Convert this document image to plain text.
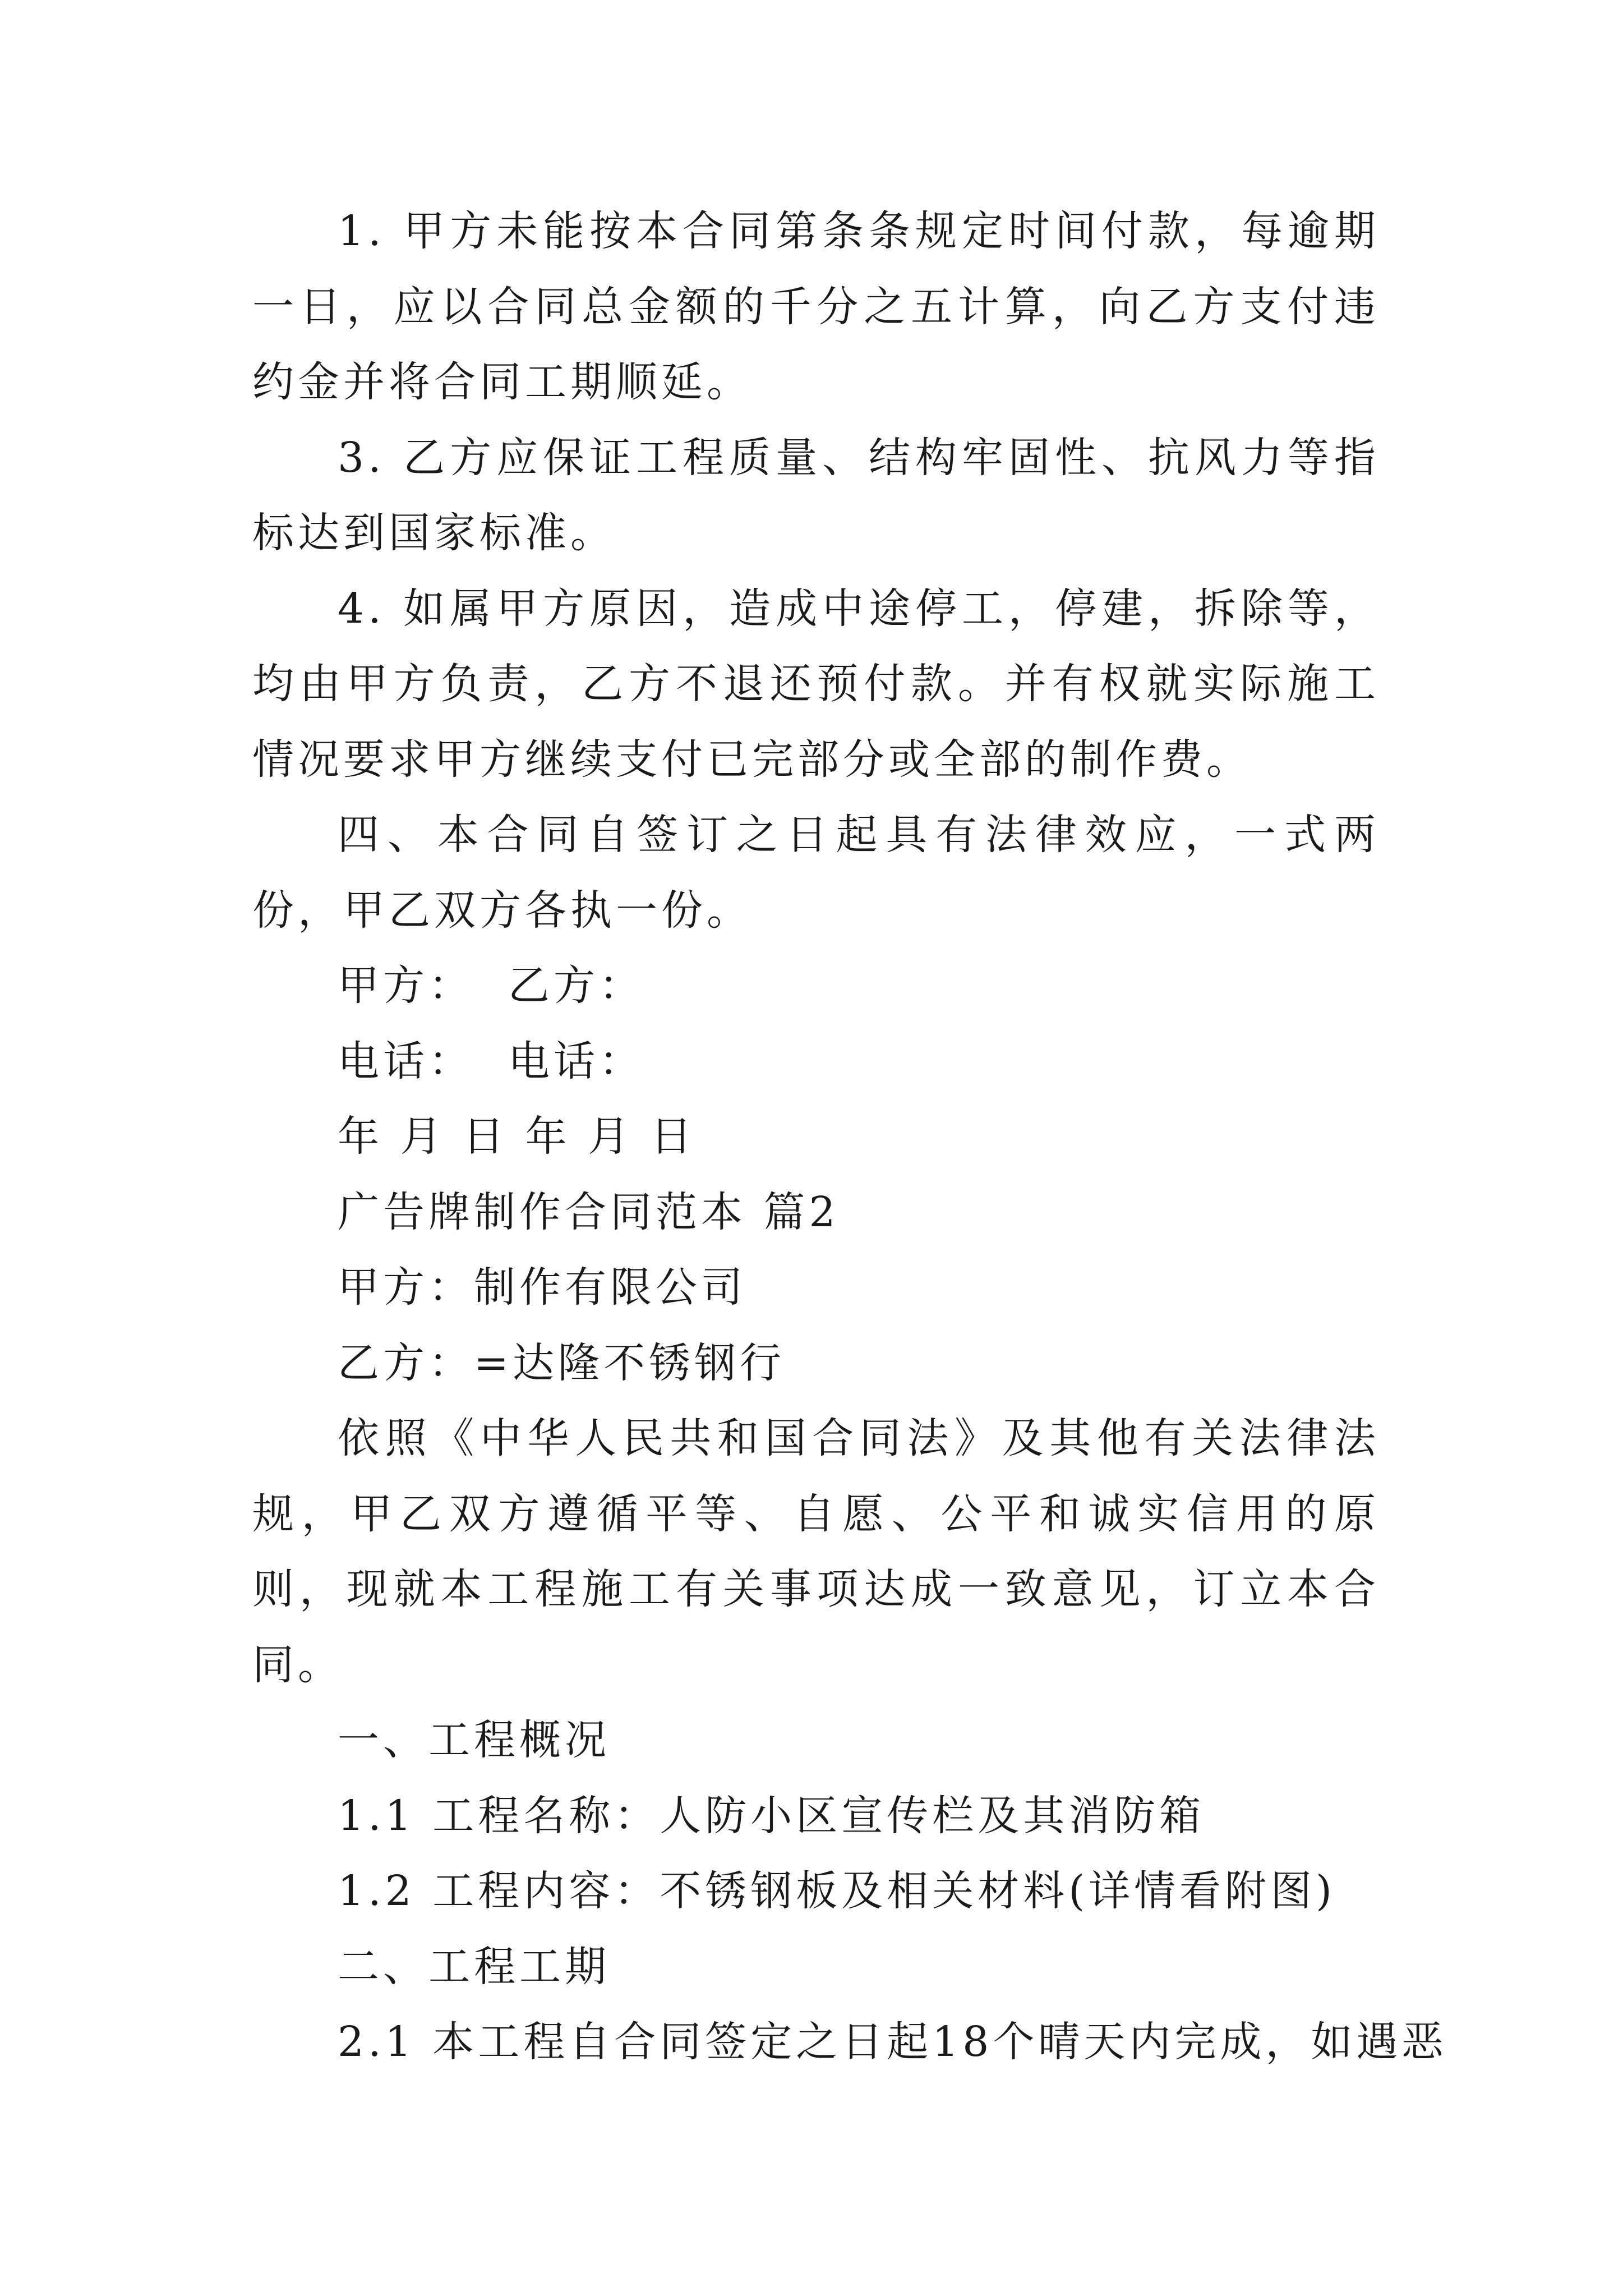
1. 甲方未能按本合同第条条规定时间付款，每逾期一日，应以合同总金额的千分之五计算，向乙方支付违约金并将合同工期顺延。

3. 乙方应保证工程质量、结构牢固性、抗风力等指标达到国家标准。

4. 如属甲方原因，造成中途停工，停建，拆除等，均由甲方负责，乙方不退还预付款。并有权就实际施工情况要求甲方继续支付已完部分或全部的制作费。

四、本合同自签订之日起具有法律效应，一式两份，甲乙双方各执一份。

甲方：  乙方：

电话：  电话：

年 月 日 年 月 日

广告牌制作合同范本 篇2

甲方：制作有限公司

乙方：=达隆不锈钢行

依照《中华人民共和国合同法》及其他有关法律法规，甲乙双方遵循平等、自愿、公平和诚实信用的原则，现就本工程施工有关事项达成一致意见，订立本合同。

一、工程概况

1.1 工程名称：人防小区宣传栏及其消防箱

1.2 工程内容：不锈钢板及相关材料(详情看附图)

二、工程工期

2.1 本工程自合同签定之日起18个晴天内完成，如遇恶
